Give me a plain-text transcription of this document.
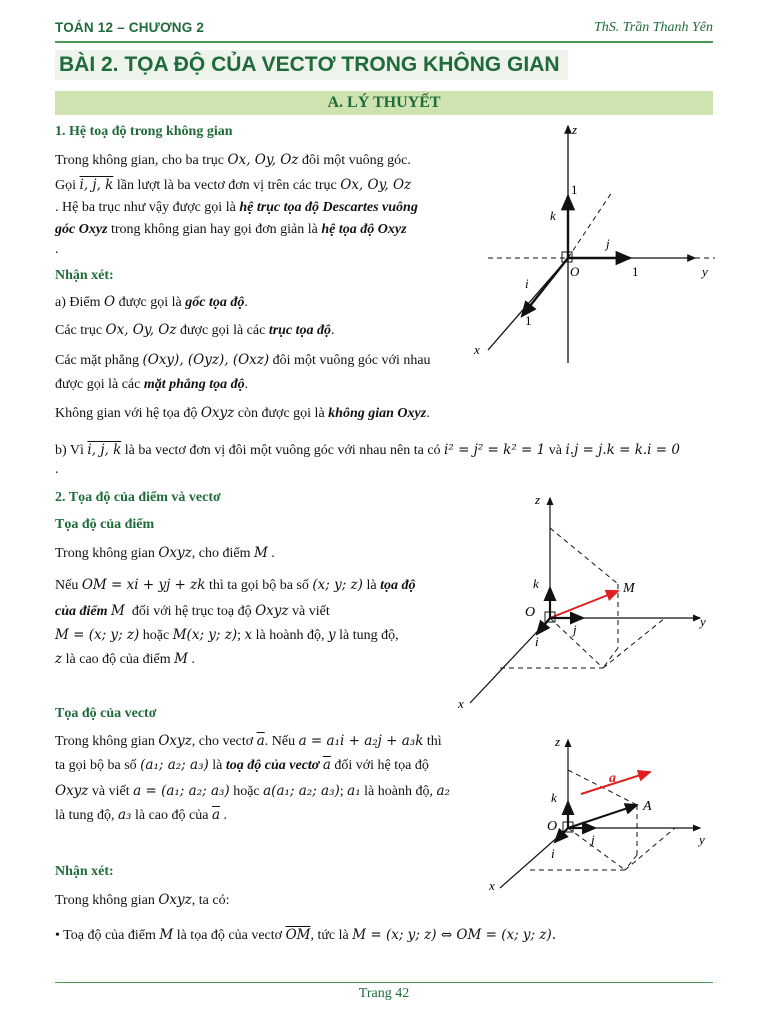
TOÁN 12 – CHƯƠNG 2	ThS. Trần Thanh Yên
BÀI 2. TỌA ĐỘ CỦA VECTƠ TRONG KHÔNG GIAN
A. LÝ THUYẾT
1. Hệ toạ độ trong không gian
Trong không gian, cho ba trục Ox, Oy, Oz đôi một vuông góc.
Gọi i, j, k lần lượt là ba vectơ đơn vị trên các trục Ox, Oy, Oz
. Hệ ba trục như vậy được gọi là hệ trục tọa độ Descartes vuông
góc Oxyz trong không gian hay gọi đơn giản là hệ tọa độ Oxyz
.
Nhận xét:
a) Điểm O được gọi là gốc tọa độ.
Các trục Ox, Oy, Oz được gọi là các trục tọa độ.
Các mặt phẳng (Oxy), (Oyz), (Oxz) đôi một vuông góc với nhau
được gọi là các mặt phẳng tọa độ.
Không gian với hệ tọa độ Oxyz còn được gọi là không gian Oxyz.
b) Vì i, j, k là ba vectơ đơn vị đôi một vuông góc với nhau nên ta có i² = j² = k² = 1 và i.j = j.k = k.i = 0
.
2. Tọa độ của điểm và vectơ
Tọa độ của điểm
Trong không gian Oxyz, cho điểm M .
Nếu OM = xi + yj + zk thì ta gọi bộ ba số (x; y; z) là tọa độ
của điểm M đối với hệ trục toạ độ Oxyz và viết
M = (x; y; z) hoặc M(x; y; z); x là hoành độ, y là tung độ,
z là cao độ của điểm M .
Tọa độ của vectơ
Trong không gian Oxyz, cho vectơ $\overline{a}$. Nếu a = a₁i + a₂j + a₃k thì
ta gọi bộ ba số (a₁; a₂; a₃) là toạ độ của vectơ $\overline{a}$ đối với hệ tọa độ
Oxyz và viết a = (a₁; a₂; a₃) hoặc a(a₁; a₂; a₃); a₁ là hoành độ, a₂
là tung độ, a₃ là cao độ của $\overline{a}$ .
Nhận xét:
Trong không gian Oxyz, ta có:
• Toạ độ của điểm M là tọa độ của vectơ $\overline{OM}$, tức là M = (x; y; z) ⇔ OM = (x; y; z).
z
y
x
O
1
1
1
k
j
i
z
y
x
O
M
k
j
i
z
y
x
O
A
a
k
j
i
Trang 42
